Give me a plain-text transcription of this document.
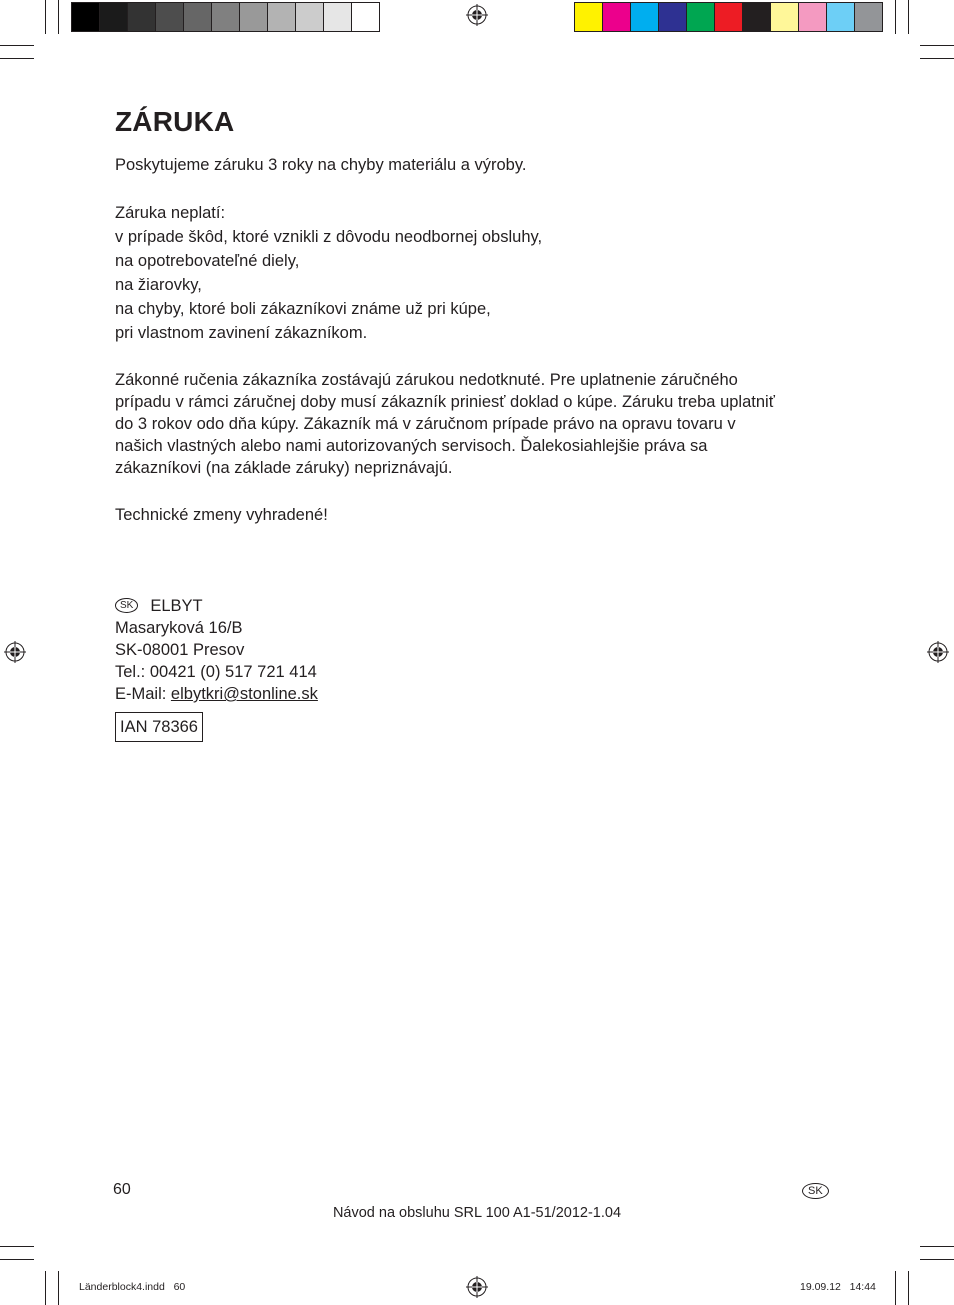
ZÁRUKA
Poskytujeme záruku 3 roky na chyby materiálu a výroby.
Záruka neplatí:
v prípade škôd, ktoré vznikli z dôvodu neodbornej obsluhy,
na opotrebovateľné diely,
na žiarovky,
na chyby, ktoré boli zákazníkovi známe už pri kúpe,
pri vlastnom zavinení zákazníkom.
Zákonné ručenia zákazníka zostávajú zárukou nedotknuté. Pre uplatnenie záručného
prípadu v rámci záručnej doby musí zákazník priniesť doklad o kúpe. Záruku treba uplatniť
do 3 rokov odo dňa kúpy. Zákazník má v záručnom prípade právo na opravu tovaru v
našich vlastných alebo nami autorizovaných servisoch. Ďalekosiahlejšie práva sa
zákazníkovi (na základe záruky) nepriznávajú.
Technické zmeny vyhradené!
SK ELBYT
Masaryková 16/B
SK-08001 Presov
Tel.: 00421 (0) 517 721 414
E-Mail: elbytkri@stonline.sk
IAN 78366
60	SK
Návod na obsluhu SRL 100 A1-51/2012-1.04
Länderblock4.indd   60	19.09.12   14:44
